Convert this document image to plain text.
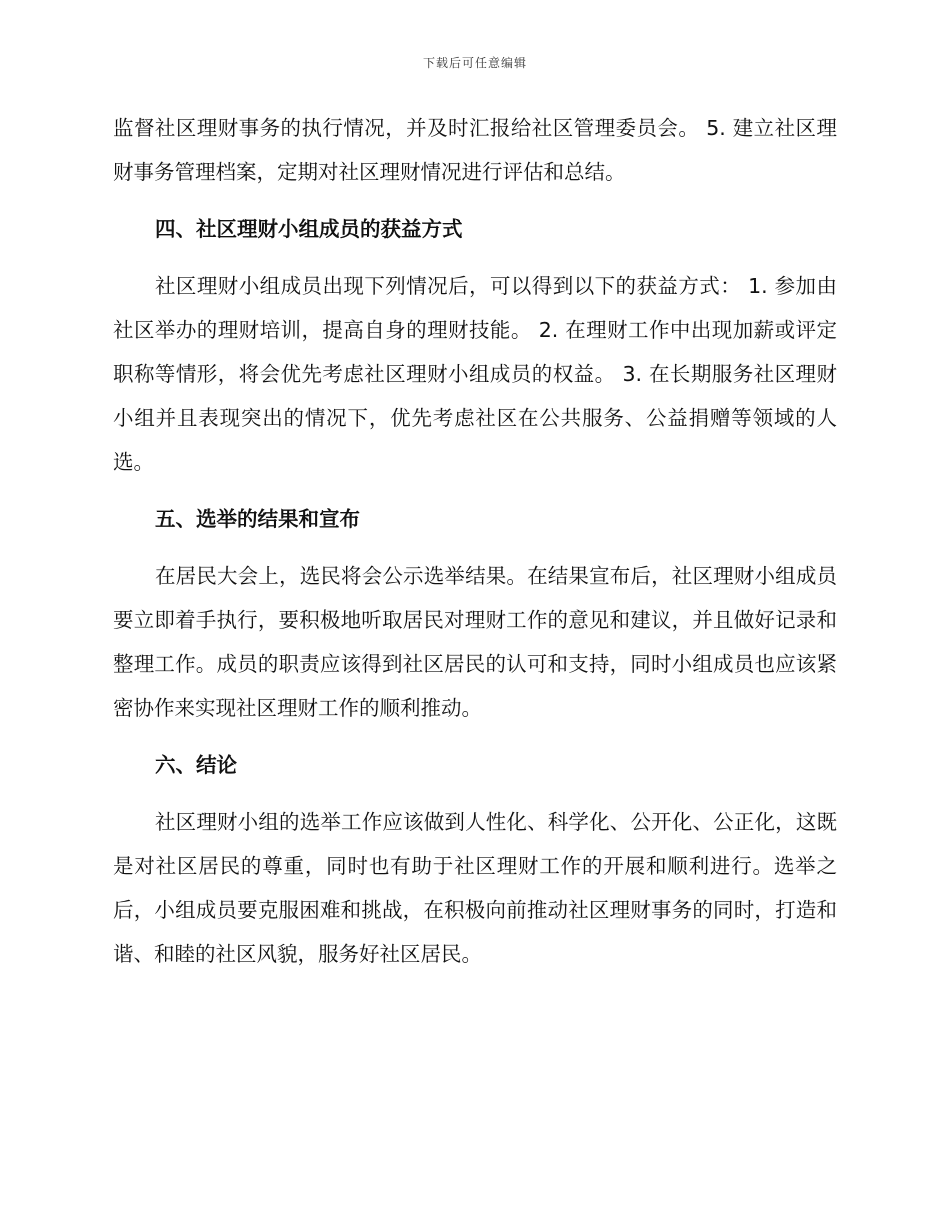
下载后可任意编辑

监督社区理财事务的执行情况，并及时汇报给社区管理委员会。 5. 建立社区理财事务管理档案，定期对社区理财情况进行评估和总结。

四、社区理财小组成员的获益方式

社区理财小组成员出现下列情况后，可以得到以下的获益方式： 1. 参加由社区举办的理财培训，提高自身的理财技能。 2. 在理财工作中出现加薪或评定职称等情形，将会优先考虑社区理财小组成员的权益。 3. 在长期服务社区理财小组并且表现突出的情况下，优先考虑社区在公共服务、公益捐赠等领域的人选。

五、选举的结果和宣布

在居民大会上，选民将会公示选举结果。在结果宣布后，社区理财小组成员要立即着手执行，要积极地听取居民对理财工作的意见和建议，并且做好记录和整理工作。成员的职责应该得到社区居民的认可和支持，同时小组成员也应该紧密协作来实现社区理财工作的顺利推动。

六、结论

社区理财小组的选举工作应该做到人性化、科学化、公开化、公正化，这既是对社区居民的尊重，同时也有助于社区理财工作的开展和顺利进行。选举之后，小组成员要克服困难和挑战，在积极向前推动社区理财事务的同时，打造和谐、和睦的社区风貌，服务好社区居民。
